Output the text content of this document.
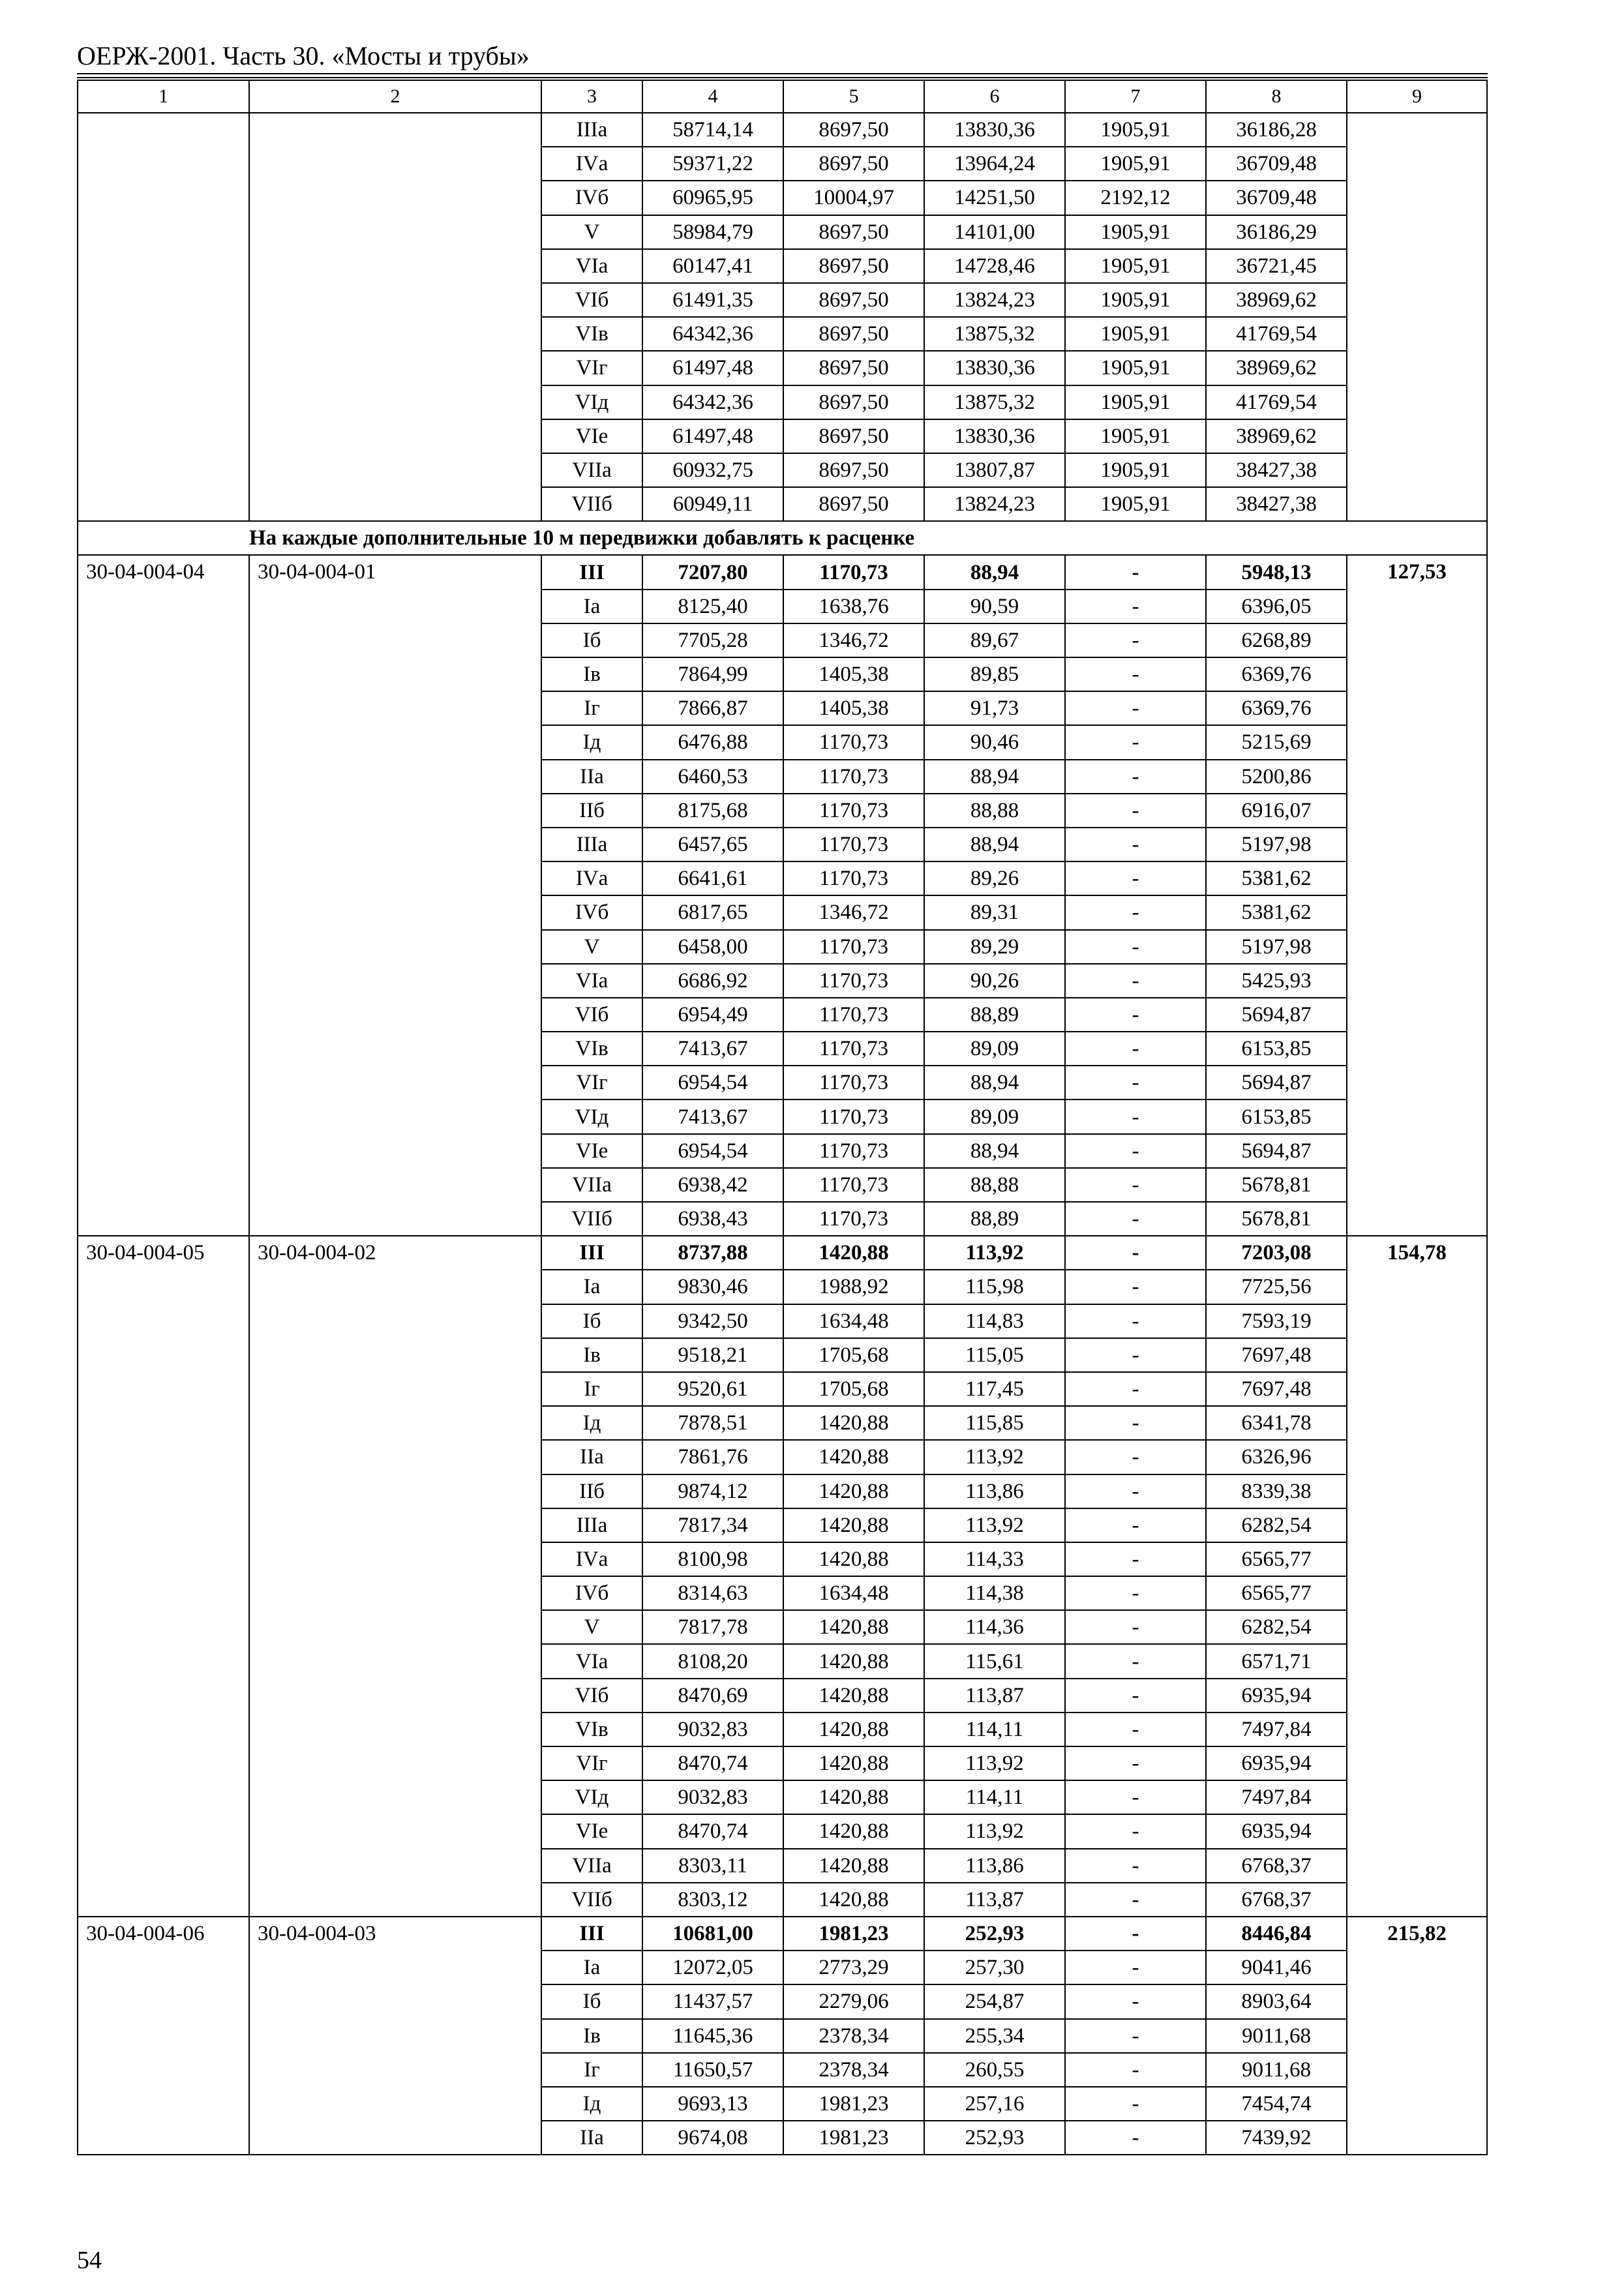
ОЕРЖ-2001. Часть 30. «Мосты и трубы»
1	2	3	4	5	6	7	8	9
		IIIа	58714,14	8697,50	13830,36	1905,91	36186,28	
		IVа	59371,22	8697,50	13964,24	1905,91	36709,48	
		IVб	60965,95	10004,97	14251,50	2192,12	36709,48	
		V	58984,79	8697,50	14101,00	1905,91	36186,29	
		VIа	60147,41	8697,50	14728,46	1905,91	36721,45	
		VIб	61491,35	8697,50	13824,23	1905,91	38969,62	
		VIв	64342,36	8697,50	13875,32	1905,91	41769,54	
		VIг	61497,48	8697,50	13830,36	1905,91	38969,62	
		VIд	64342,36	8697,50	13875,32	1905,91	41769,54	
		VIе	61497,48	8697,50	13830,36	1905,91	38969,62	
		VIIа	60932,75	8697,50	13807,87	1905,91	38427,38	
		VIIб	60949,11	8697,50	13824,23	1905,91	38427,38	
	На каждые дополнительные 10 м передвижки добавлять к расценке							
30-04-004-04	30-04-004-01	III	7207,80	1170,73	88,94	-	5948,13	127,53
		Iа	8125,40	1638,76	90,59	-	6396,05	
		Iб	7705,28	1346,72	89,67	-	6268,89	
		Iв	7864,99	1405,38	89,85	-	6369,76	
		Iг	7866,87	1405,38	91,73	-	6369,76	
		Iд	6476,88	1170,73	90,46	-	5215,69	
		IIа	6460,53	1170,73	88,94	-	5200,86	
		IIб	8175,68	1170,73	88,88	-	6916,07	
		IIIа	6457,65	1170,73	88,94	-	5197,98	
		IVа	6641,61	1170,73	89,26	-	5381,62	
		IVб	6817,65	1346,72	89,31	-	5381,62	
		V	6458,00	1170,73	89,29	-	5197,98	
		VIа	6686,92	1170,73	90,26	-	5425,93	
		VIб	6954,49	1170,73	88,89	-	5694,87	
		VIв	7413,67	1170,73	89,09	-	6153,85	
		VIг	6954,54	1170,73	88,94	-	5694,87	
		VIд	7413,67	1170,73	89,09	-	6153,85	
		VIе	6954,54	1170,73	88,94	-	5694,87	
		VIIа	6938,42	1170,73	88,88	-	5678,81	
		VIIб	6938,43	1170,73	88,89	-	5678,81	
30-04-004-05	30-04-004-02	III	8737,88	1420,88	113,92	-	7203,08	154,78
		Iа	9830,46	1988,92	115,98	-	7725,56	
		Iб	9342,50	1634,48	114,83	-	7593,19	
		Iв	9518,21	1705,68	115,05	-	7697,48	
		Iг	9520,61	1705,68	117,45	-	7697,48	
		Iд	7878,51	1420,88	115,85	-	6341,78	
		IIа	7861,76	1420,88	113,92	-	6326,96	
		IIб	9874,12	1420,88	113,86	-	8339,38	
		IIIа	7817,34	1420,88	113,92	-	6282,54	
		IVа	8100,98	1420,88	114,33	-	6565,77	
		IVб	8314,63	1634,48	114,38	-	6565,77	
		V	7817,78	1420,88	114,36	-	6282,54	
		VIа	8108,20	1420,88	115,61	-	6571,71	
		VIб	8470,69	1420,88	113,87	-	6935,94	
		VIв	9032,83	1420,88	114,11	-	7497,84	
		VIг	8470,74	1420,88	113,92	-	6935,94	
		VIд	9032,83	1420,88	114,11	-	7497,84	
		VIе	8470,74	1420,88	113,92	-	6935,94	
		VIIа	8303,11	1420,88	113,86	-	6768,37	
		VIIб	8303,12	1420,88	113,87	-	6768,37	
30-04-004-06	30-04-004-03	III	10681,00	1981,23	252,93	-	8446,84	215,82
		Iа	12072,05	2773,29	257,30	-	9041,46	
		Iб	11437,57	2279,06	254,87	-	8903,64	
		Iв	11645,36	2378,34	255,34	-	9011,68	
		Iг	11650,57	2378,34	260,55	-	9011,68	
		Iд	9693,13	1981,23	257,16	-	7454,74	
		IIа	9674,08	1981,23	252,93	-	7439,92	
54
